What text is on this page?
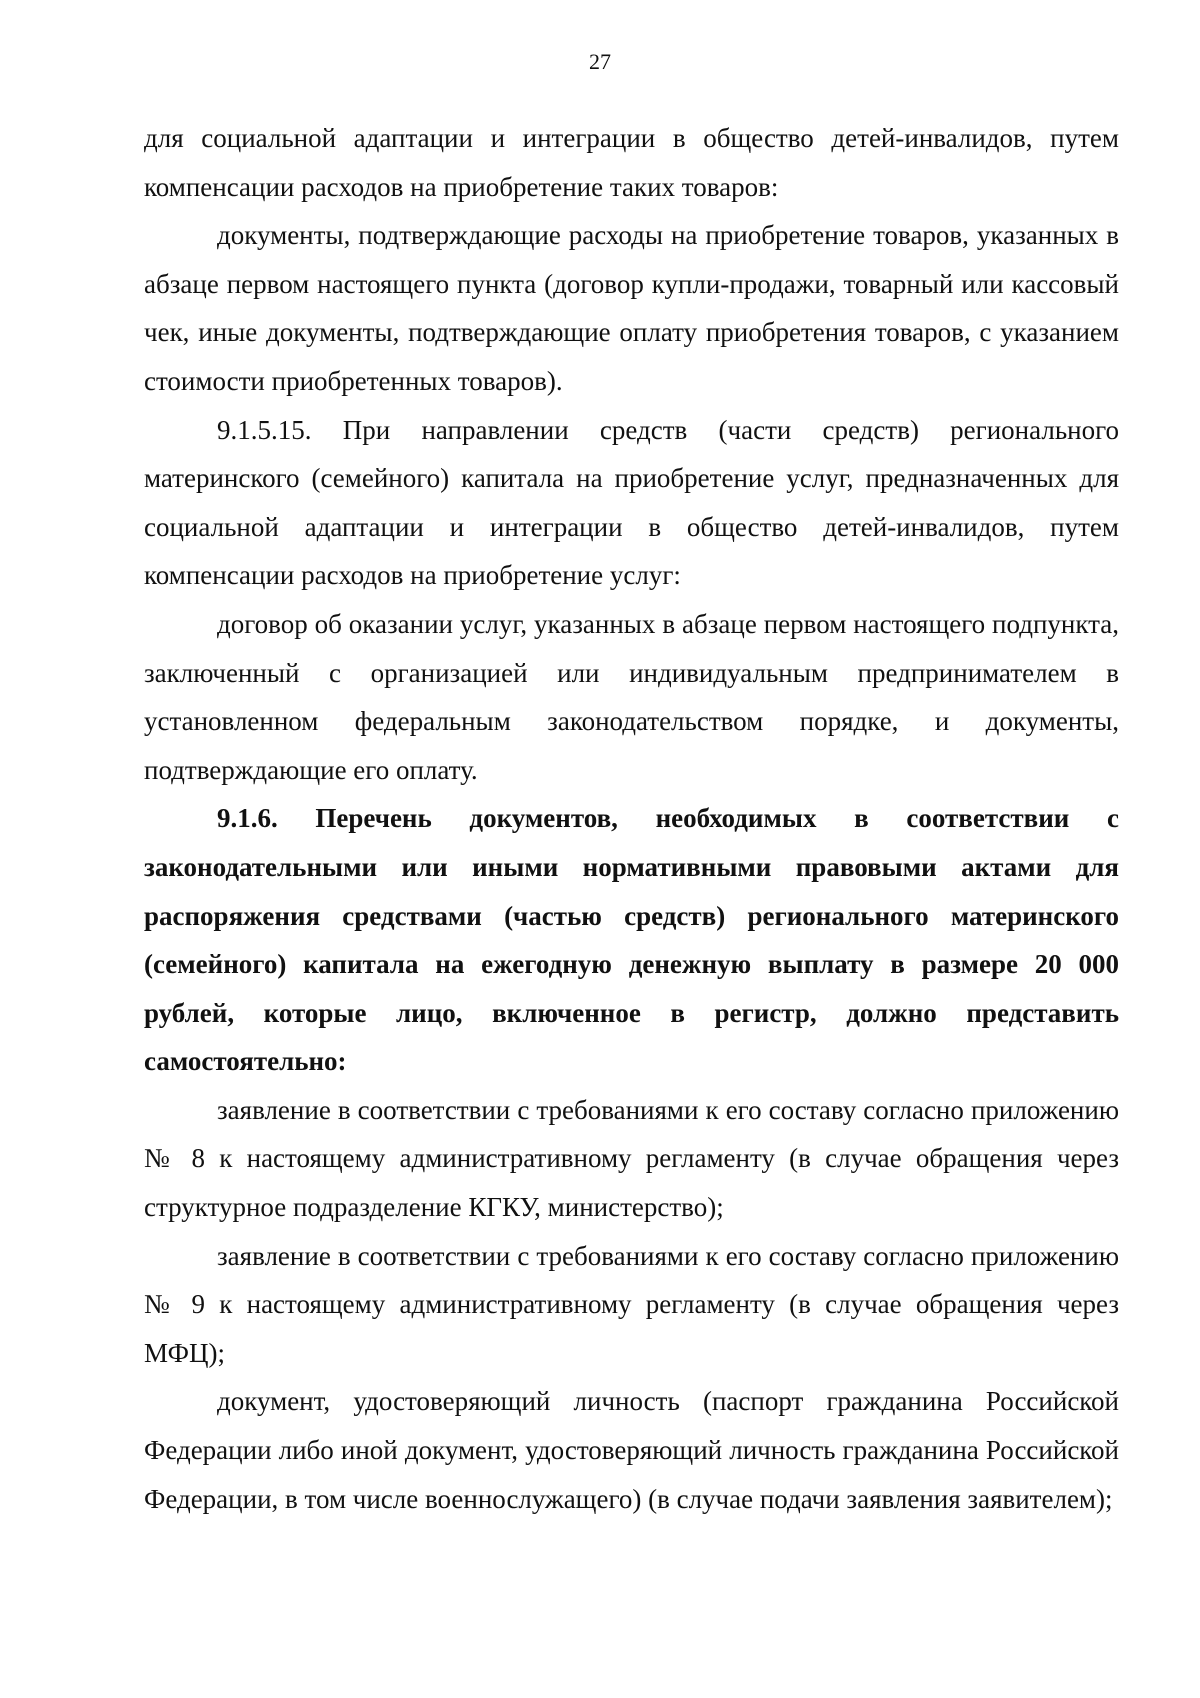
27

для социальной адаптации и интеграции в общество детей-инвалидов, путем компенсации расходов на приобретение таких товаров:

документы, подтверждающие расходы на приобретение товаров, указанных в абзаце первом настоящего пункта (договор купли-продажи, товарный или кассовый чек, иные документы, подтверждающие оплату приобретения товаров, с указанием стоимости приобретенных товаров).

9.1.5.15. При направлении средств (части средств) регионального материнского (семейного) капитала на приобретение услуг, предназначенных для социальной адаптации и интеграции в общество детей-инвалидов, путем компенсации расходов на приобретение услуг:

договор об оказании услуг, указанных в абзаце первом настоящего подпункта, заключенный с организацией или индивидуальным предпринимателем в установленном федеральным законодательством порядке, и документы, подтверждающие его оплату.

9.1.6. Перечень документов, необходимых в соответствии с законодательными или иными нормативными правовыми актами для распоряжения средствами (частью средств) регионального материнского (семейного) капитала на ежегодную денежную выплату в размере 20 000 рублей, которые лицо, включенное в регистр, должно представить самостоятельно:

заявление в соответствии с требованиями к его составу согласно приложению № 8 к настоящему административному регламенту (в случае обращения через структурное подразделение КГКУ, министерство);

заявление в соответствии с требованиями к его составу согласно приложению № 9 к настоящему административному регламенту (в случае обращения через МФЦ);

документ, удостоверяющий личность (паспорт гражданина Российской Федерации либо иной документ, удостоверяющий личность гражданина Российской Федерации, в том числе военнослужащего) (в случае подачи заявления заявителем);
